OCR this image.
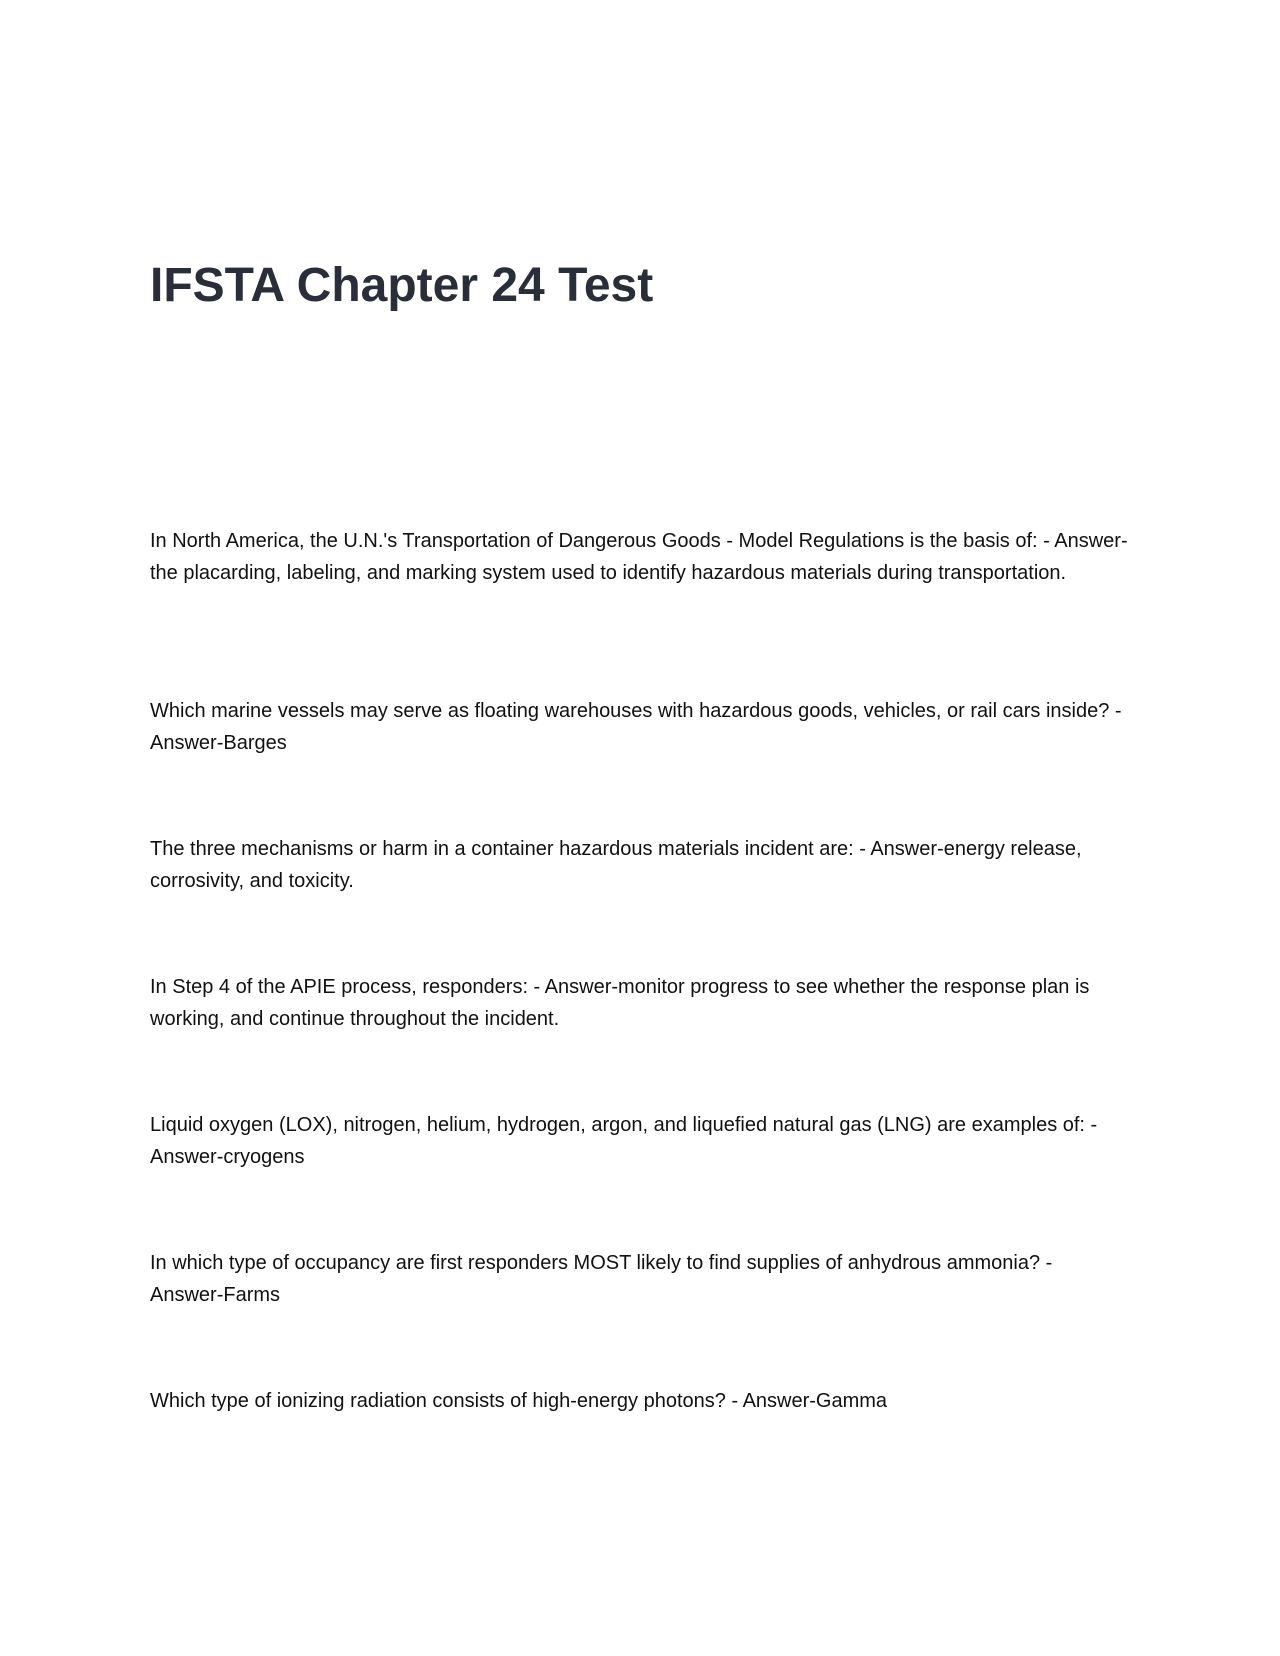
IFSTA Chapter 24 Test

In North America, the U.N.'s Transportation of Dangerous Goods - Model Regulations is the basis of: - Answer-the placarding, labeling, and marking system used to identify hazardous materials during transportation.

Which marine vessels may serve as floating warehouses with hazardous goods, vehicles, or rail cars inside? - Answer-Barges

The three mechanisms or harm in a container hazardous materials incident are: - Answer-energy release, corrosivity, and toxicity.

In Step 4 of the APIE process, responders: - Answer-monitor progress to see whether the response plan is working, and continue throughout the incident.

Liquid oxygen (LOX), nitrogen, helium, hydrogen, argon, and liquefied natural gas (LNG) are examples of: - Answer-cryogens

In which type of occupancy are first responders MOST likely to find supplies of anhydrous ammonia? - Answer-Farms

Which type of ionizing radiation consists of high-energy photons? - Answer-Gamma
